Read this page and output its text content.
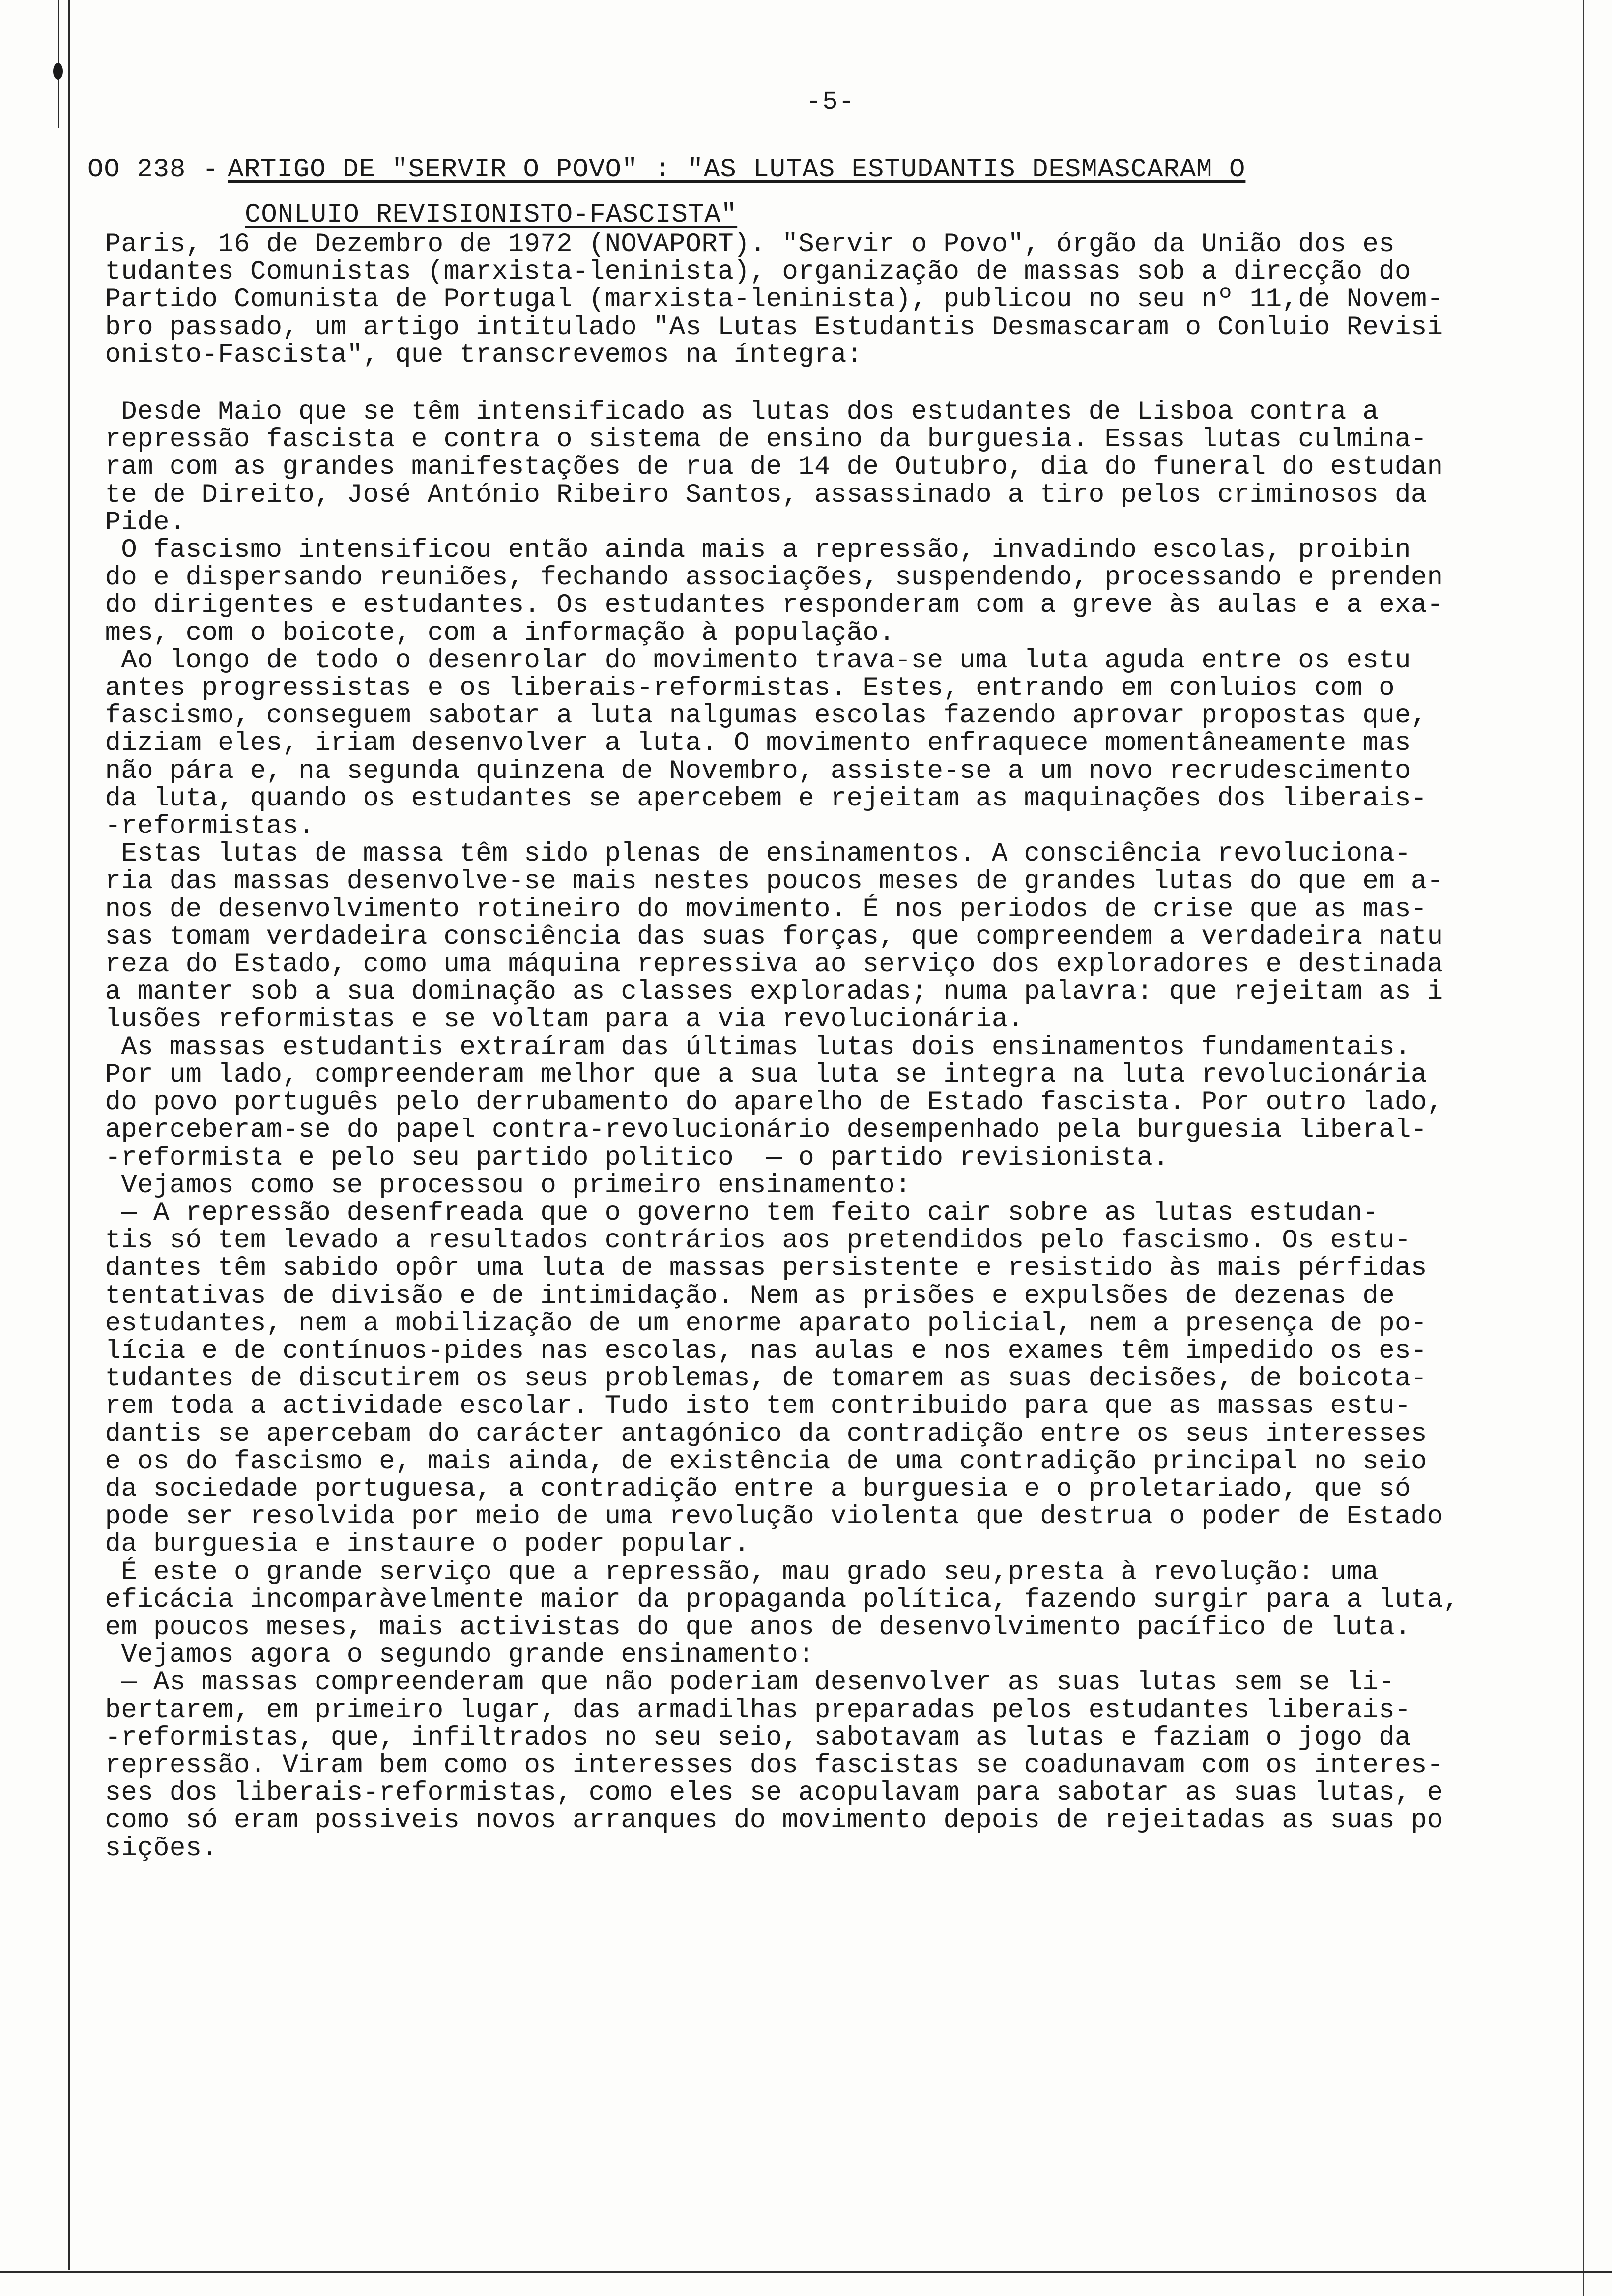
-5-
OO 238 - ARTIGO DE "SERVIR O POVO" : "AS LUTAS ESTUDANTIS DESMASCARAM O
CONLUIO REVISIONISTO-FASCISTA"

Paris, 16 de Dezembro de 1972 (NOVAPORT). "Servir o Povo", órgão da União dos es
tudantes Comunistas (marxista-leninista), organização de massas sob a direcção do
Partido Comunista de Portugal (marxista-leninista), publicou no seu nº 11,de Novem-
bro passado, um artigo intitulado "As Lutas Estudantis Desmascaram o Conluio Revisi
onisto-Fascista", que transcrevemos na íntegra:

Desde Maio que se têm intensificado as lutas dos estudantes de Lisboa contra a
repressão fascista e contra o sistema de ensino da burguesia. Essas lutas culmina-
ram com as grandes manifestações de rua de 14 de Outubro, dia do funeral do estudan
te de Direito, José António Ribeiro Santos, assassinado a tiro pelos criminosos da
Pide.
O fascismo intensificou então ainda mais a repressão, invadindo escolas, proibin
do e dispersando reuniões, fechando associações, suspendendo, processando e prenden
do dirigentes e estudantes. Os estudantes responderam com a greve às aulas e a exa-
mes, com o boicote, com a informação à população.
Ao longo de todo o desenrolar do movimento trava-se uma luta aguda entre os estu
antes progressistas e os liberais-reformistas. Estes, entrando em conluios com o
fascismo, conseguem sabotar a luta nalgumas escolas fazendo aprovar propostas que,
diziam eles, iriam desenvolver a luta. O movimento enfraquece momentâneamente mas
não pára e, na segunda quinzena de Novembro, assiste-se a um novo recrudescimento
da luta, quando os estudantes se apercebem e rejeitam as maquinações dos liberais-
-reformistas.
Estas lutas de massa têm sido plenas de ensinamentos. A consciência revoluciona-
ria das massas desenvolve-se mais nestes poucos meses de grandes lutas do que em a-
nos de desenvolvimento rotineiro do movimento. É nos periodos de crise que as mas-
sas tomam verdadeira consciência das suas forças, que compreendem a verdadeira natu
reza do Estado, como uma máquina repressiva ao serviço dos exploradores e destinada
a manter sob a sua dominação as classes exploradas; numa palavra: que rejeitam as i
lusões reformistas e se voltam para a via revolucionária.
As massas estudantis extraíram das últimas lutas dois ensinamentos fundamentais.
Por um lado, compreenderam melhor que a sua luta se integra na luta revolucionária
do povo português pelo derrubamento do aparelho de Estado fascista. Por outro lado,
aperceberam-se do papel contra-revolucionário desempenhado pela burguesia liberal-
-reformista e pelo seu partido politico  — o partido revisionista.
Vejamos como se processou o primeiro ensinamento:
— A repressão desenfreada que o governo tem feito cair sobre as lutas estudan-
tis só tem levado a resultados contrários aos pretendidos pelo fascismo. Os estu-
dantes têm sabido opôr uma luta de massas persistente e resistido às mais pérfidas
tentativas de divisão e de intimidação. Nem as prisões e expulsões de dezenas de
estudantes, nem a mobilização de um enorme aparato policial, nem a presença de po-
lícia e de contínuos-pides nas escolas, nas aulas e nos exames têm impedido os es-
tudantes de discutirem os seus problemas, de tomarem as suas decisões, de boicota-
rem toda a actividade escolar. Tudo isto tem contribuido para que as massas estu-
dantis se apercebam do carácter antagónico da contradição entre os seus interesses
e os do fascismo e, mais ainda, de existência de uma contradição principal no seio
da sociedade portuguesa, a contradição entre a burguesia e o proletariado, que só
pode ser resolvida por meio de uma revolução violenta que destrua o poder de Estado
da burguesia e instaure o poder popular.
É este o grande serviço que a repressão, mau grado seu,presta à revolução: uma
eficácia incomparàvelmente maior da propaganda política, fazendo surgir para a luta,
em poucos meses, mais activistas do que anos de desenvolvimento pacífico de luta.
Vejamos agora o segundo grande ensinamento:
— As massas compreenderam que não poderiam desenvolver as suas lutas sem se li-
bertarem, em primeiro lugar, das armadilhas preparadas pelos estudantes liberais-
-reformistas, que, infiltrados no seu seio, sabotavam as lutas e faziam o jogo da
repressão. Viram bem como os interesses dos fascistas se coadunavam com os interes-
ses dos liberais-reformistas, como eles se acopulavam para sabotar as suas lutas, e
como só eram possiveis novos arranques do movimento depois de rejeitadas as suas po
sições.
